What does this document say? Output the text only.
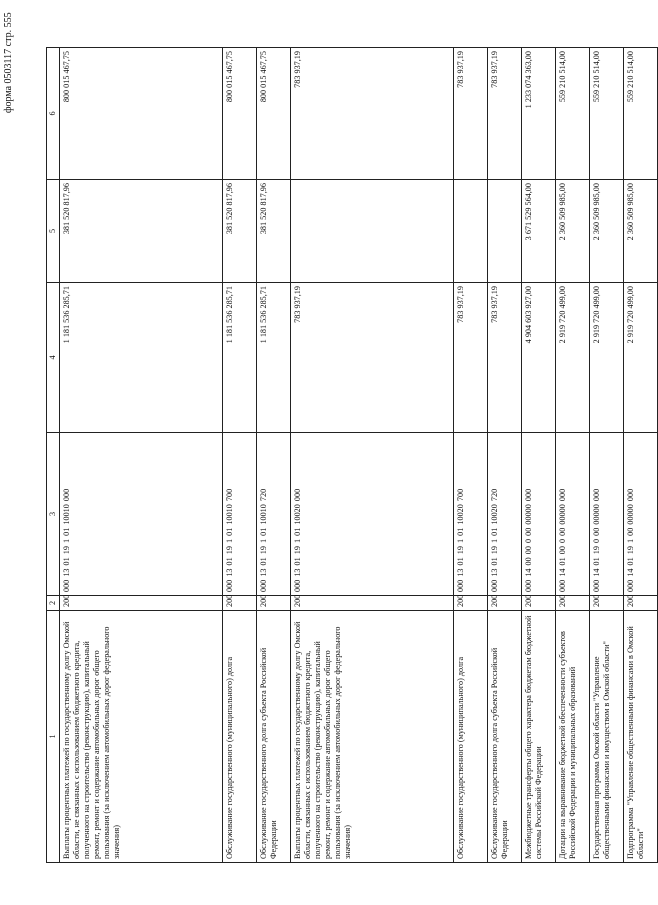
форма 0503117 стр. 555
1	2	3	4	5	6
Выплаты процентных платежей по государственному долгу Омской области, не связанных с использованием бюджетного кредита, полученного на строительство (реконструкцию), капитальный ремонт, ремонт и содержание автомобильных дорог общего пользования (за исключением автомобильных дорог федерального значения)	200	000 13 01 19 1 01 10010 000	1 181 536 285,71	381 520 817,96	800 015 467,75
Обслуживание государственного (муниципального) долга	200	000 13 01 19 1 01 10010 700	1 181 536 285,71	381 520 817,96	800 015 467,75
Обслуживание государственного долга субъекта Российской Федерации	200	000 13 01 19 1 01 10010 720	1 181 536 285,71	381 520 817,96	800 015 467,75
Выплаты процентных платежей по государственному долгу Омской области, связанных с использованием бюджетного кредита, полученного на строительство (реконструкцию), капитальный ремонт, ремонт и содержание автомобильных дорог общего пользования (за исключением автомобильных дорог федерального значения)	200	000 13 01 19 1 01 10020 000	783 937,19		783 937,19
Обслуживание государственного (муниципального) долга	200	000 13 01 19 1 01 10020 700	783 937,19		783 937,19
Обслуживание государственного долга субъекта Российской Федерации	200	000 13 01 19 1 01 10020 720	783 937,19		783 937,19
Межбюджетные трансферты общего характера бюджетам бюджетной системы Российской Федерации	200	000 14 00 00 0 00 00000 000	4 904 603 927,00	3 671 529 564,00	1 233 074 363,00
Дотации на выравнивание бюджетной обеспеченности субъектов Российской Федерации и муниципальных образований	200	000 14 01 00 0 00 00000 000	2 919 720 499,00	2 360 509 985,00	559 210 514,00
Государственная программа Омской области "Управление общественными финансами и имуществом в Омской области"	200	000 14 01 19 0 00 00000 000	2 919 720 499,00	2 360 509 985,00	559 210 514,00
Подпрограмма "Управление общественными финансами в Омской области"	200	000 14 01 19 1 00 00000 000	2 919 720 499,00	2 360 509 985,00	559 210 514,00
